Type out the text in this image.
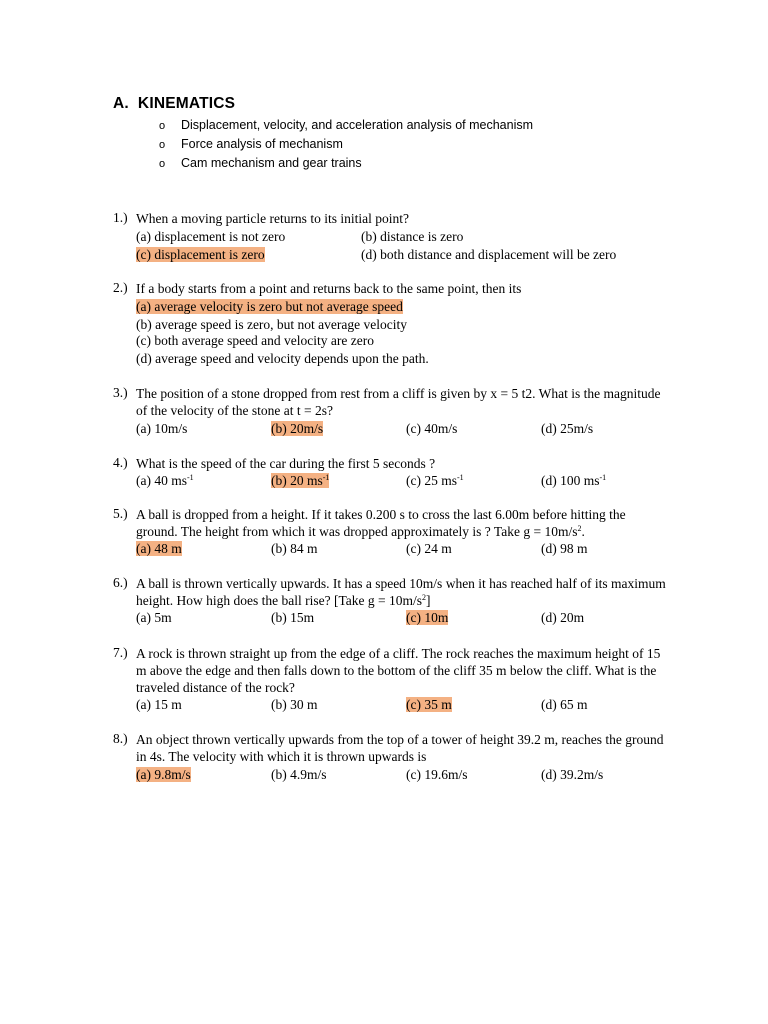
A. KINEMATICS
o Displacement, velocity, and acceleration analysis of mechanism
o Force analysis of mechanism
o Cam mechanism and gear trains
1.) When a moving particle returns to its initial point?
(a) displacement is not zero	(b) distance is zero
(c) displacement is zero	(d) both distance and displacement will be zero
2.) If a body starts from a point and returns back to the same point, then its
(a) average velocity is zero but not average speed
(b) average speed is zero, but not average velocity
(c) both average speed and velocity are zero
(d) average speed and velocity depends upon the path.
3.) The position of a stone dropped from rest from a cliff is given by x = 5 t2. What is the magnitude
of the velocity of the stone at t = 2s?
(a) 10m/s	(b) 20m/s	(c) 40m/s	(d) 25m/s
4.) What is the speed of the car during the first 5 seconds ?
(a) 40 $ms^{-1}$	(b) 20 $ms^{-1}$	(c) 25 $ms^{-1}$	(d) 100 $ms^{-1}$
5.) A ball is dropped from a height. If it takes 0.200 s to cross the last 6.00m before hitting the
ground. The height from which it was dropped approximately is ? Take $g = 10m/s^2$.
(a) 48 m	(b) 84 m	(c) 24 m	(d) 98 m
6.) A ball is thrown vertically upwards. It has a speed 10m/s when it has reached half of its maximum
height. How high does the ball rise? [Take $g = 10m/s^2$]
(a) 5m	(b) 15m	(c) 10m	(d) 20m
7.) A rock is thrown straight up from the edge of a cliff. The rock reaches the maximum height of 15
m above the edge and then falls down to the bottom of the cliff 35 m below the cliff. What is the
traveled distance of the rock?
(a) 15 m	(b) 30 m	(c) 35 m	(d) 65 m
8.) An object thrown vertically upwards from the top of a tower of height 39.2 m, reaches the ground
in 4s. The velocity with which it is thrown upwards is
(a) 9.8m/s	(b) 4.9m/s	(c) 19.6m/s	(d) 39.2m/s
